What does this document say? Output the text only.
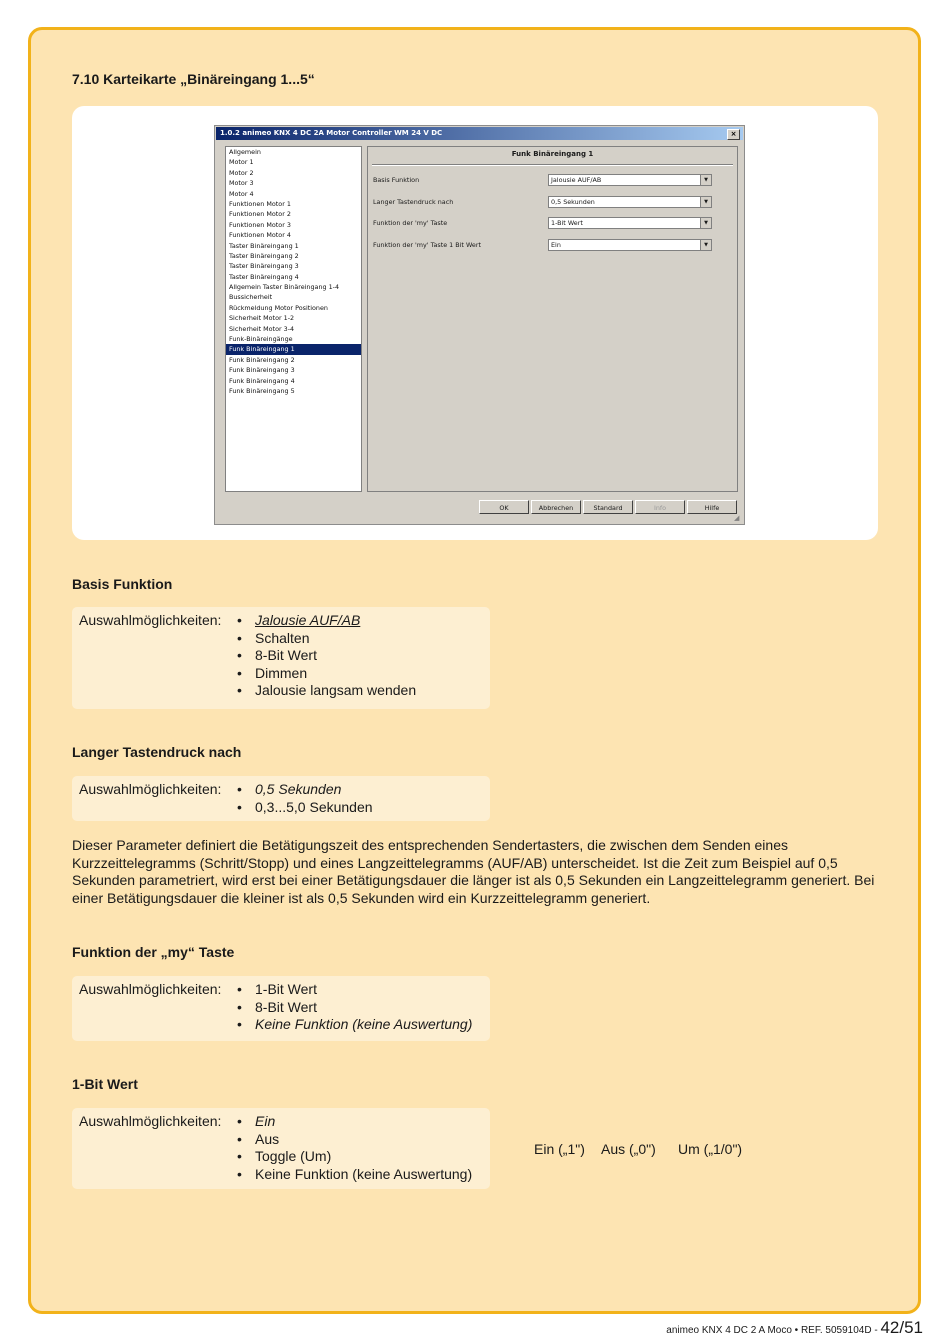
7.10 Karteikarte „Binäreingang 1...5“
1.0.2 animeo KNX 4 DC 2A Motor Controller WM 24 V DC	×
Allgemein
Motor 1
Motor 2
Motor 3
Motor 4
Funktionen Motor 1
Funktionen Motor 2
Funktionen Motor 3
Funktionen Motor 4
Taster Binäreingang 1
Taster Binäreingang 2
Taster Binäreingang 3
Taster Binäreingang 4
Allgemein Taster Binäreingang 1-4
Bussicherheit
Rückmeldung Motor Positionen
Sicherheit Motor 1-2
Sicherheit Motor 3-4
Funk-Binäreingänge
Funk Binäreingang 1
Funk Binäreingang 2
Funk Binäreingang 3
Funk Binäreingang 4
Funk Binäreingang 5
Funk Binäreingang 1
Basis Funktion	Jalousie AUF/AB	▼
Langer Tastendruck nach	0,5 Sekunden	▼
Funktion der 'my' Taste	1-Bit Wert	▼
Funktion der 'my' Taste 1 Bit Wert	Ein	▼
OK	Abbrechen	Standard	Info	Hilfe
◢
Basis Funktion
Auswahlmöglichkeiten: • Jalousie AUF/AB
• Schalten
• 8-Bit Wert
• Dimmen
• Jalousie langsam wenden
Langer Tastendruck nach
Auswahlmöglichkeiten: • 0,5 Sekunden
• 0,3...5,0 Sekunden
Dieser Parameter definiert die Betätigungszeit des entsprechenden Sendertasters, die zwischen dem Senden eines Kurzzeittelegramms (Schritt/Stopp) und eines Langzeittelegramms (AUF/AB) unterscheidet. Ist die Zeit zum Beispiel auf 0,5 Sekunden parametriert, wird erst bei einer Betätigungsdauer die länger ist als 0,5 Sekunden ein Langzeittelegramm generiert. Bei einer Betätigungsdauer die kleiner ist als 0,5 Sekunden wird ein Kurzzeittelegramm generiert.
Funktion der „my“ Taste
Auswahlmöglichkeiten: • 1-Bit Wert
• 8-Bit Wert
• Keine Funktion (keine Auswertung)
1-Bit Wert
Auswahlmöglichkeiten: • Ein
• Aus
• Toggle (Um)
• Keine Funktion (keine Auswertung)
Ein („1") Aus („0") Um („1/0")
animeo KNX 4 DC 2 A Moco • REF. 5059104D - 42/51
